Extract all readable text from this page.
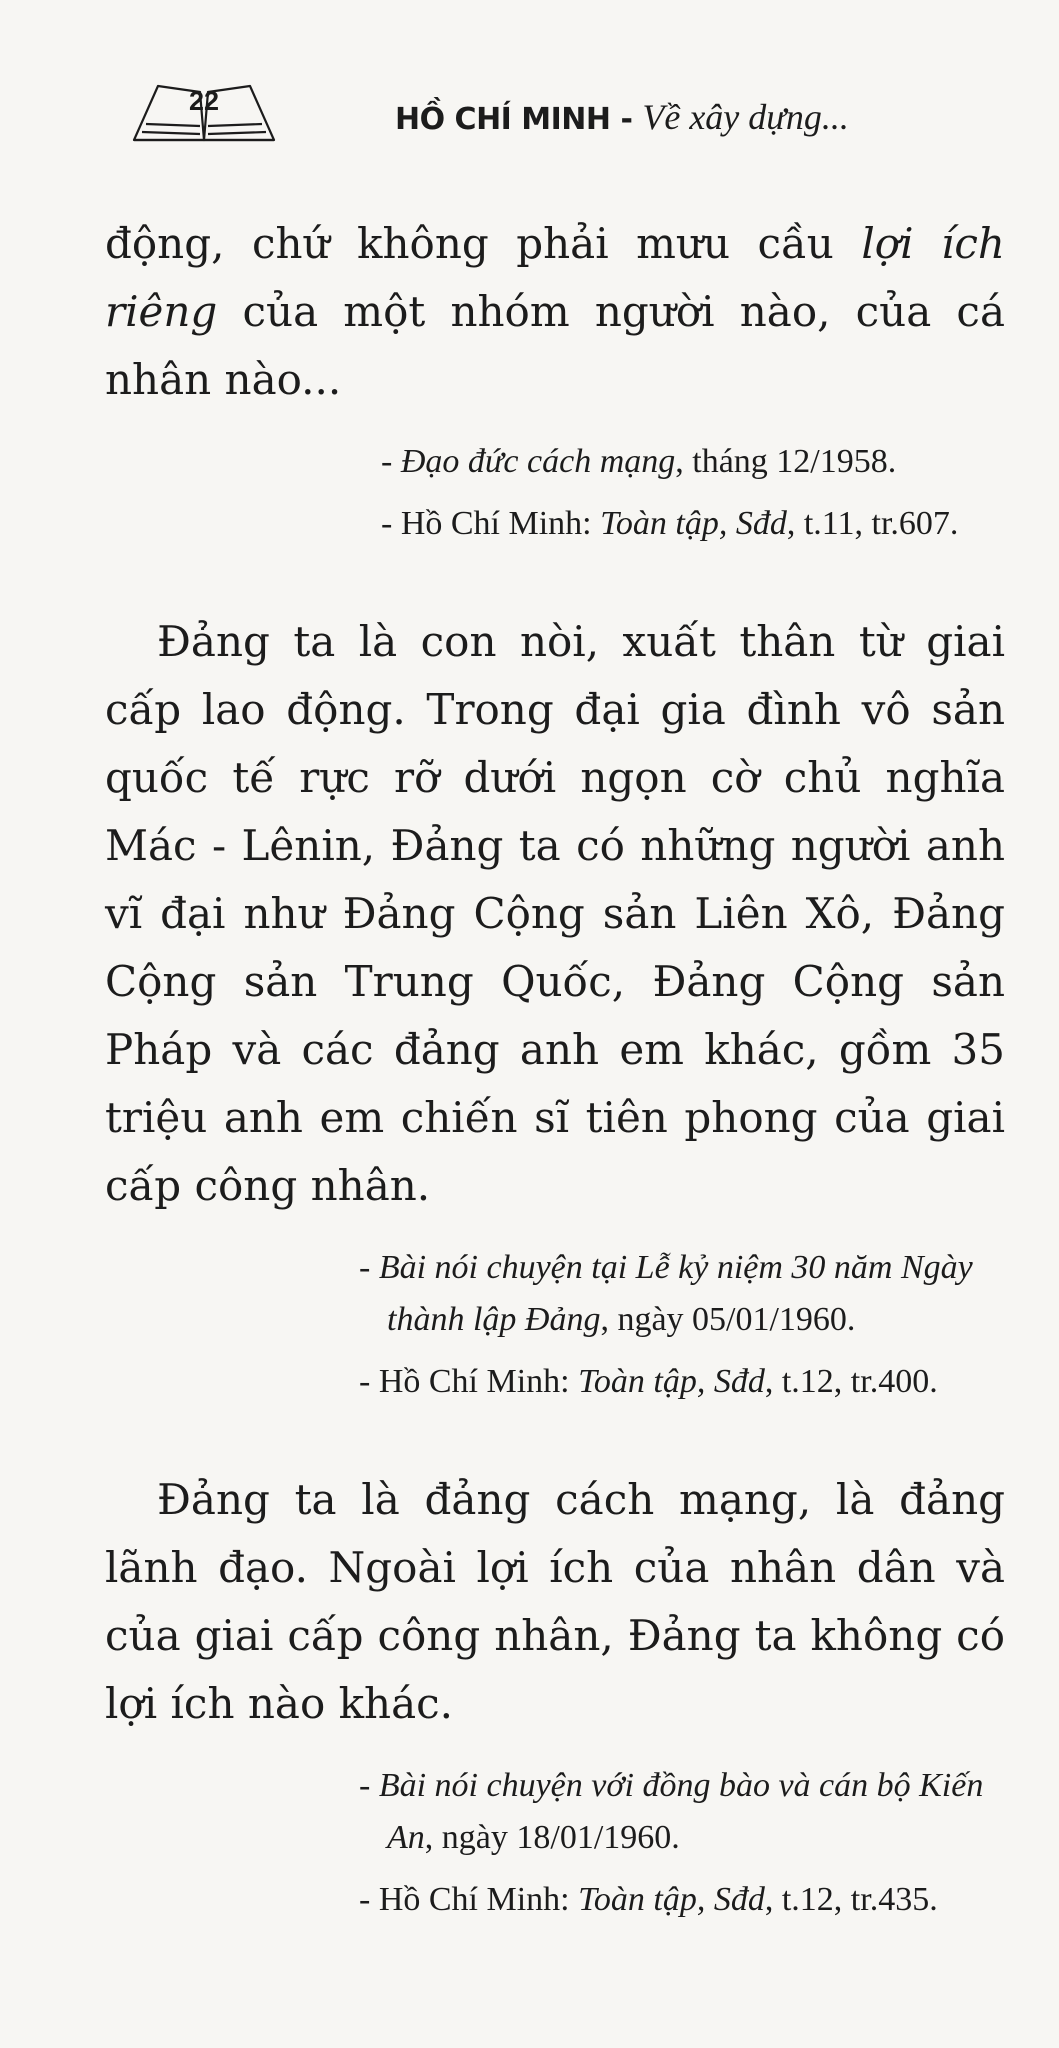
22
HỒ CHÍ MINH - Về xây dựng...

động, chứ không phải mưu cầu lợi ích riêng của một nhóm người nào, của cá nhân nào...

- Đạo đức cách mạng, tháng 12/1958.

- Hồ Chí Minh: Toàn tập, Sđd, t.11, tr.607.

Đảng ta là con nòi, xuất thân từ giai cấp lao động. Trong đại gia đình vô sản quốc tế rực rỡ dưới ngọn cờ chủ nghĩa Mác - Lênin, Đảng ta có những người anh vĩ đại như Đảng Cộng sản Liên Xô, Đảng Cộng sản Trung Quốc, Đảng Cộng sản Pháp và các đảng anh em khác, gồm 35 triệu anh em chiến sĩ tiên phong của giai cấp công nhân.

- Bài nói chuyện tại Lễ kỷ niệm 30 năm Ngày thành lập Đảng, ngày 05/01/1960.

- Hồ Chí Minh: Toàn tập, Sđd, t.12, tr.400.

Đảng ta là đảng cách mạng, là đảng lãnh đạo. Ngoài lợi ích của nhân dân và của giai cấp công nhân, Đảng ta không có lợi ích nào khác.

- Bài nói chuyện với đồng bào và cán bộ Kiến An, ngày 18/01/1960.

- Hồ Chí Minh: Toàn tập, Sđd, t.12, tr.435.
